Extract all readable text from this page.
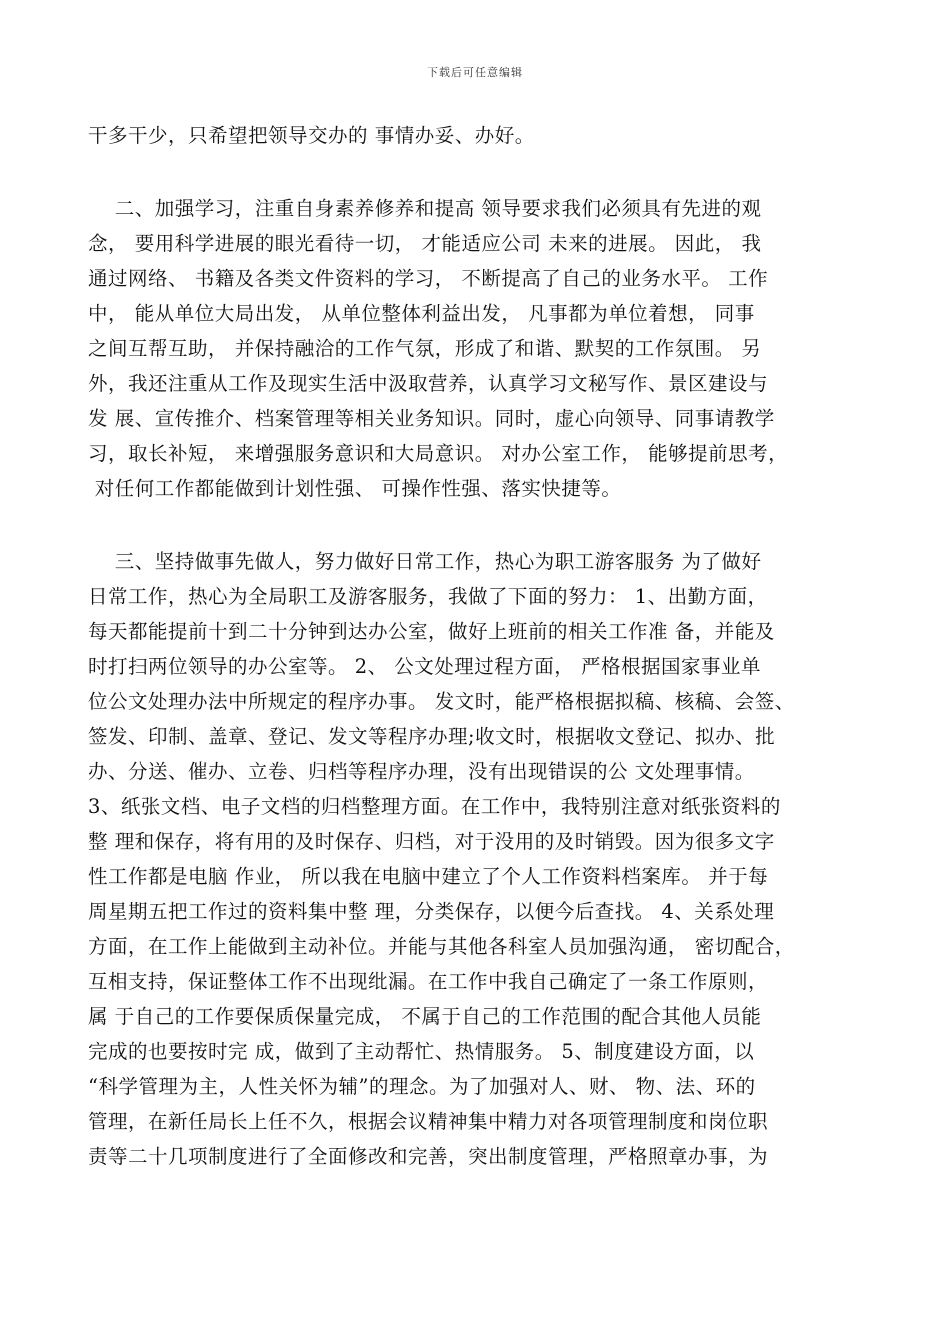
下载后可任意编辑
干多干少，只希望把领导交办的 事情办妥、办好。
二、加强学习，注重自身素养修养和提高 领导要求我们必须具有先进的观
念， 要用科学进展的眼光看待一切， 才能适应公司 未来的进展。 因此， 我
通过网络、 书籍及各类文件资料的学习， 不断提高了自己的业务水平。 工作
中， 能从单位大局出发， 从单位整体利益出发， 凡事都为单位着想， 同事
之间互帮互助， 并保持融洽的工作气氛，形成了和谐、默契的工作氛围。 另
外，我还注重从工作及现实生活中汲取营养，认真学习文秘写作、景区建设与
发 展、宣传推介、档案管理等相关业务知识。同时，虚心向领导、同事请教学
习，取长补短， 来增强服务意识和大局意识。 对办公室工作， 能够提前思考，
对任何工作都能做到计划性强、 可操作性强、落实快捷等。
三、坚持做事先做人，努力做好日常工作，热心为职工游客服务 为了做好
日常工作，热心为全局职工及游客服务，我做了下面的努力： 1、出勤方面，
每天都能提前十到二十分钟到达办公室，做好上班前的相关工作准 备，并能及
时打扫两位领导的办公室等。 2、 公文处理过程方面， 严格根据国家事业单
位公文处理办法中所规定的程序办事。 发文时，能严格根据拟稿、核稿、会签、
签发、印制、盖章、登记、发文等程序办理;收文时，根据收文登记、拟办、批
办、分送、催办、立卷、归档等程序办理，没有出现错误的公 文处理事情。
3、纸张文档、电子文档的归档整理方面。在工作中，我特别注意对纸张资料的
整 理和保存，将有用的及时保存、归档，对于没用的及时销毁。因为很多文字
性工作都是电脑 作业， 所以我在电脑中建立了个人工作资料档案库。 并于每
周星期五把工作过的资料集中整 理，分类保存，以便今后查找。 4、关系处理
方面，在工作上能做到主动补位。并能与其他各科室人员加强沟通， 密切配合，
互相支持，保证整体工作不出现纰漏。在工作中我自己确定了一条工作原则，
属 于自己的工作要保质保量完成， 不属于自己的工作范围的配合其他人员能
完成的也要按时完 成，做到了主动帮忙、热情服务。 5、制度建设方面，以
“科学管理为主，人性关怀为辅”的理念。为了加强对人、财、 物、法、环的
管理，在新任局长上任不久，根据会议精神集中精力对各项管理制度和岗位职
责等二十几项制度进行了全面修改和完善，突出制度管理，严格照章办事，为
